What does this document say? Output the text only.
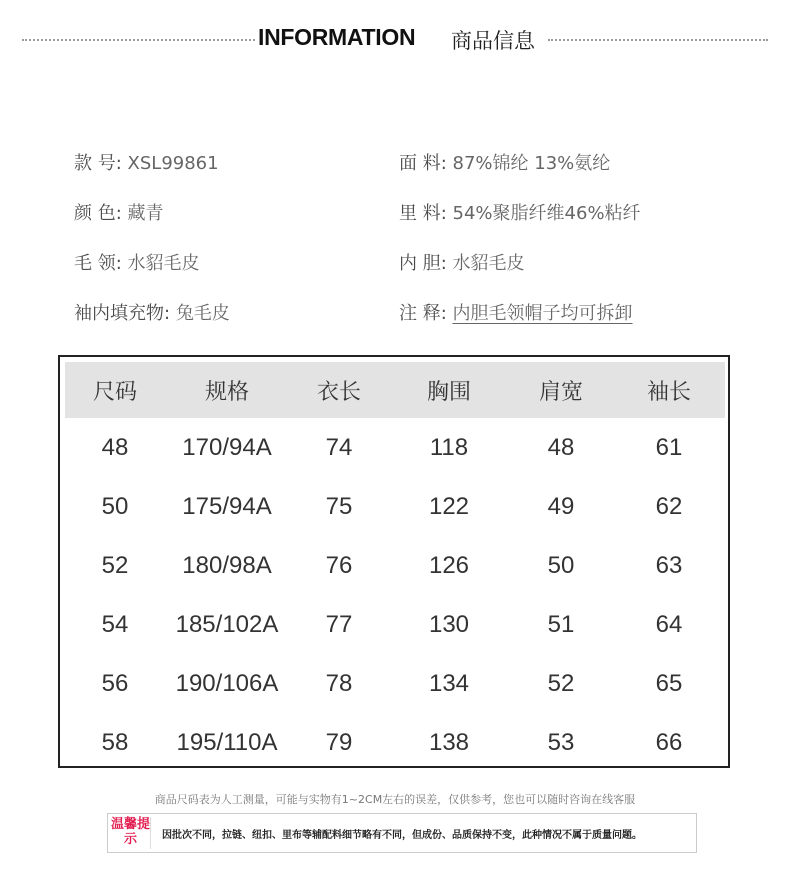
INFORMATION 商品信息
款 号: XSL99861
颜 色: 藏青
毛 领: 水貂毛皮
袖内填充物: 兔毛皮
面 料: 87%锦纶 13%氨纶
里 料: 54%聚脂纤维46%粘纤
内 胆: 水貂毛皮
注 释: 内胆毛领帽子均可拆卸
尺码	规格	衣长	胸围	肩宽	袖长
48	170/94A	74	118	48	61
50	175/94A	75	122	49	62
52	180/98A	76	126	50	63
54	185/102A	77	130	51	64
56	190/106A	78	134	52	65
58	195/110A	79	138	53	66
商品尺码表为人工测量，可能与实物有1~2CM左右的误差，仅供参考，您也可以随时咨询在线客服
温馨提示	因批次不同，拉链、纽扣、里布等辅配料细节略有不同，但成份、品质保持不变，此种情况不属于质量问题。
